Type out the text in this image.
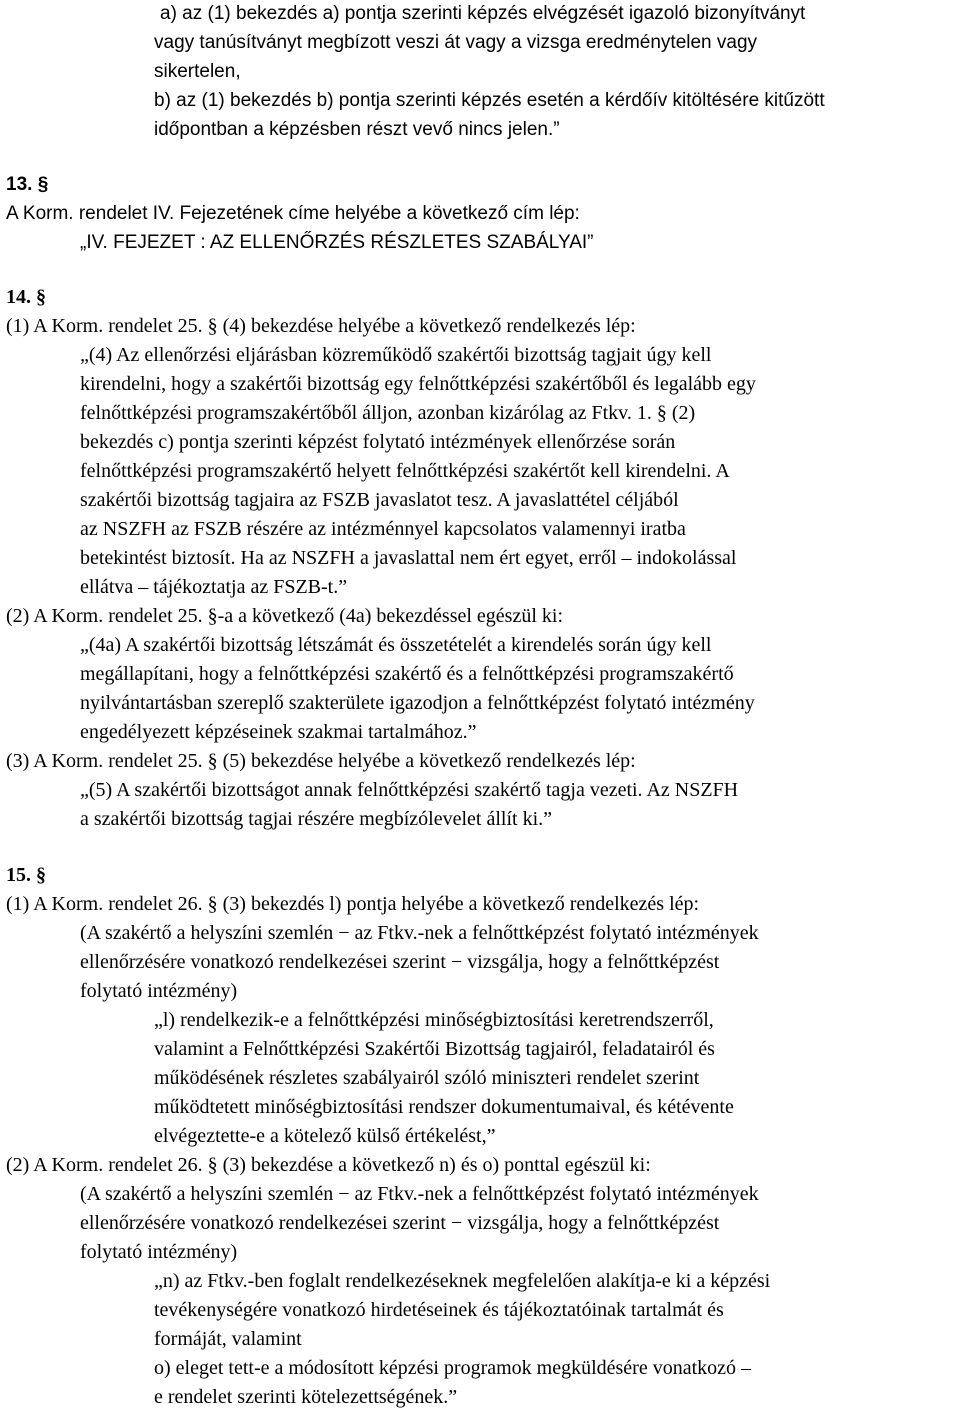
a) az (1) bekezdés a) pontja szerinti képzés elvégzését igazoló bizonyítványt

vagy tanúsítványt megbízott veszi át vagy a vizsga eredménytelen vagy

sikertelen,

b) az (1) bekezdés b) pontja szerinti képzés esetén a kérdőív kitöltésére kitűzött

időpontban a képzésben részt vevő nincs jelen.”

13. §

A Korm. rendelet IV. Fejezetének címe helyébe a következő cím lép:

„IV. FEJEZET : AZ ELLENŐRZÉS RÉSZLETES SZABÁLYAI”

14. §

(1) A Korm. rendelet 25. § (4) bekezdése helyébe a következő rendelkezés lép:

„(4) Az ellenőrzési eljárásban közreműködő szakértői bizottság tagjait úgy kell

kirendelni, hogy a szakértői bizottság egy felnőttképzési szakértőből és legalább egy

felnőttképzési programszakértőből álljon, azonban kizárólag az Ftkv. 1. § (2)

bekezdés c) pontja szerinti képzést folytató intézmények ellenőrzése során

felnőttképzési programszakértő helyett felnőttképzési szakértőt kell kirendelni. A

szakértői bizottság tagjaira az FSZB javaslatot tesz. A javaslattétel céljából

az NSZFH az FSZB részére az intézménnyel kapcsolatos valamennyi iratba

betekintést biztosít. Ha az NSZFH a javaslattal nem ért egyet, erről – indokolással

ellátva – tájékoztatja az FSZB-t.”

(2) A Korm. rendelet 25. §-a a következő (4a) bekezdéssel egészül ki:

„(4a) A szakértői bizottság létszámát és összetételét a kirendelés során úgy kell

megállapítani, hogy a felnőttképzési szakértő és a felnőttképzési programszakértő

nyilvántartásban szereplő szakterülete igazodjon a felnőttképzést folytató intézmény

engedélyezett képzéseinek szakmai tartalmához.”

(3) A Korm. rendelet 25. § (5) bekezdése helyébe a következő rendelkezés lép:

„(5) A szakértői bizottságot annak felnőttképzési szakértő tagja vezeti. Az NSZFH

a szakértői bizottság tagjai részére megbízólevelet állít ki.”

15. §

(1) A Korm. rendelet 26. § (3) bekezdés l) pontja helyébe a következő rendelkezés lép:

(A szakértő a helyszíni szemlén − az Ftkv.-nek a felnőttképzést folytató intézmények

ellenőrzésére vonatkozó rendelkezései szerint − vizsgálja, hogy a felnőttképzést

folytató intézmény)

„l) rendelkezik-e a felnőttképzési minőségbiztosítási keretrendszerről,

valamint a Felnőttképzési Szakértői Bizottság tagjairól, feladatairól és

működésének részletes szabályairól szóló miniszteri rendelet szerint

működtetett minőségbiztosítási rendszer dokumentumaival, és kétévente

elvégeztette-e a kötelező külső értékelést,”

(2) A Korm. rendelet 26. § (3) bekezdése a következő n) és o) ponttal egészül ki:

(A szakértő a helyszíni szemlén − az Ftkv.-nek a felnőttképzést folytató intézmények

ellenőrzésére vonatkozó rendelkezései szerint − vizsgálja, hogy a felnőttképzést

folytató intézmény)

„n) az Ftkv.-ben foglalt rendelkezéseknek megfelelően alakítja-e ki a képzési

tevékenységére vonatkozó hirdetéseinek és tájékoztatóinak tartalmát és

formáját, valamint

o) eleget tett-e a módosított képzési programok megküldésére vonatkozó –

e rendelet szerinti kötelezettségének.”
